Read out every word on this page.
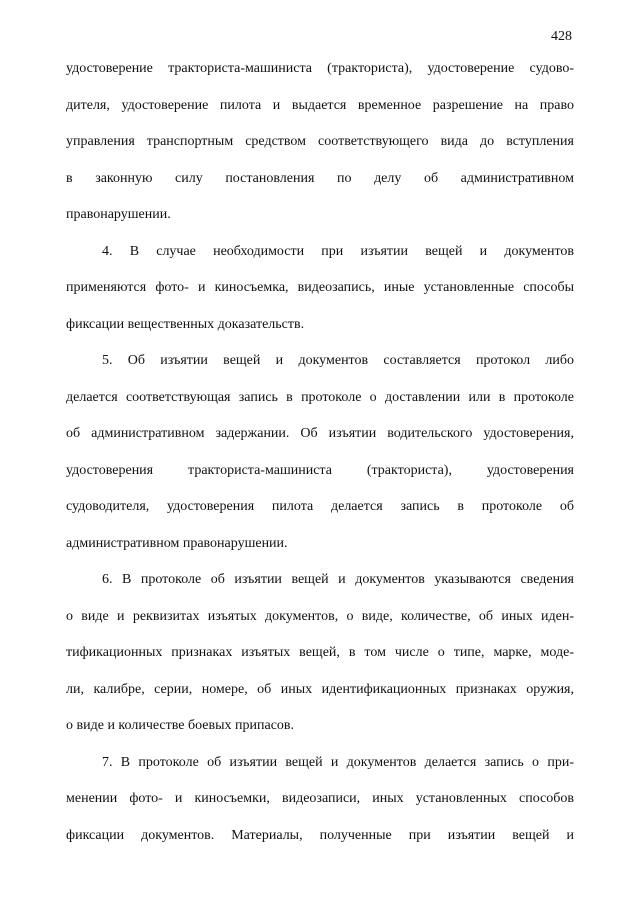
428
удостоверение тракториста-машиниста (тракториста), удостоверение судово-
дителя, удостоверение пилота и выдается временное разрешение на право
управления транспортным средством соответствующего вида до вступления
в законную силу постановления по делу об административном
правонарушении.
4. В случае необходимости при изъятии вещей и документов
применяются фото- и киносъемка, видеозапись, иные установленные способы
фиксации вещественных доказательств.
5. Об изъятии вещей и документов составляется протокол либо
делается соответствующая запись в протоколе о доставлении или в протоколе
об административном задержании. Об изъятии водительского удостоверения,
удостоверения тракториста-машиниста (тракториста), удостоверения
судоводителя, удостоверения пилота делается запись в протоколе об
административном правонарушении.
6. В протоколе об изъятии вещей и документов указываются сведения
о виде и реквизитах изъятых документов, о виде, количестве, об иных иден-
тификационных признаках изъятых вещей, в том числе о типе, марке, моде-
ли, калибре, серии, номере, об иных идентификационных признаках оружия,
о виде и количестве боевых припасов.
7. В протоколе об изъятии вещей и документов делается запись о при-
менении фото- и киносъемки, видеозаписи, иных установленных способов
фиксации документов. Материалы, полученные при изъятии вещей и
